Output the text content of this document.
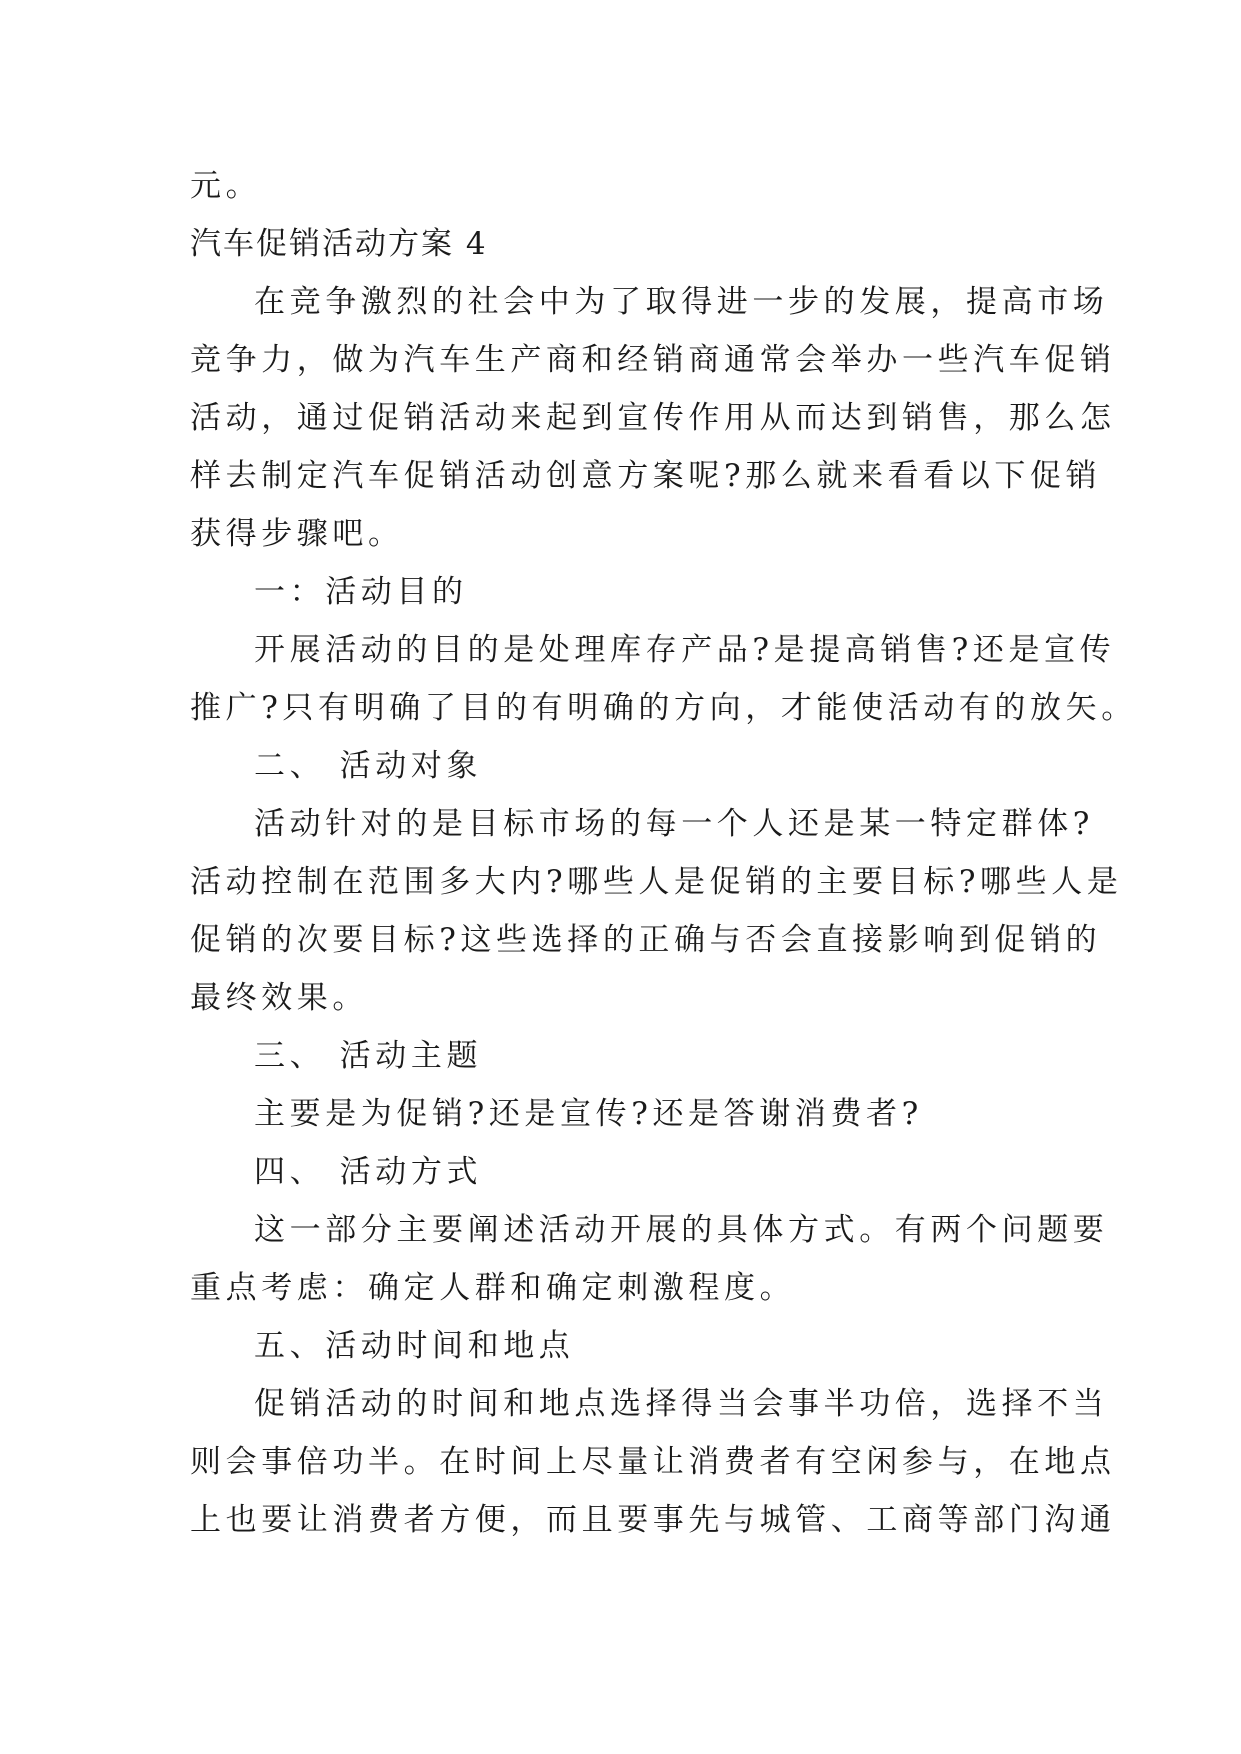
元。
汽车促销活动方案 4
在竞争激烈的社会中为了取得进一步的发展，提高市场
竞争力，做为汽车生产商和经销商通常会举办一些汽车促销
活动，通过促销活动来起到宣传作用从而达到销售，那么怎
样去制定汽车促销活动创意方案呢?那么就来看看以下促销
获得步骤吧。
一：活动目的
开展活动的目的是处理库存产品?是提高销售?还是宣传
推广?只有明确了目的有明确的方向，才能使活动有的放矢。
二、 活动对象
活动针对的是目标市场的每一个人还是某一特定群体?
活动控制在范围多大内?哪些人是促销的主要目标?哪些人是
促销的次要目标?这些选择的正确与否会直接影响到促销的
最终效果。
三、 活动主题
主要是为促销?还是宣传?还是答谢消费者?
四、 活动方式
这一部分主要阐述活动开展的具体方式。有两个问题要
重点考虑：确定人群和确定刺激程度。
五、活动时间和地点
促销活动的时间和地点选择得当会事半功倍，选择不当
则会事倍功半。在时间上尽量让消费者有空闲参与，在地点
上也要让消费者方便，而且要事先与城管、工商等部门沟通
